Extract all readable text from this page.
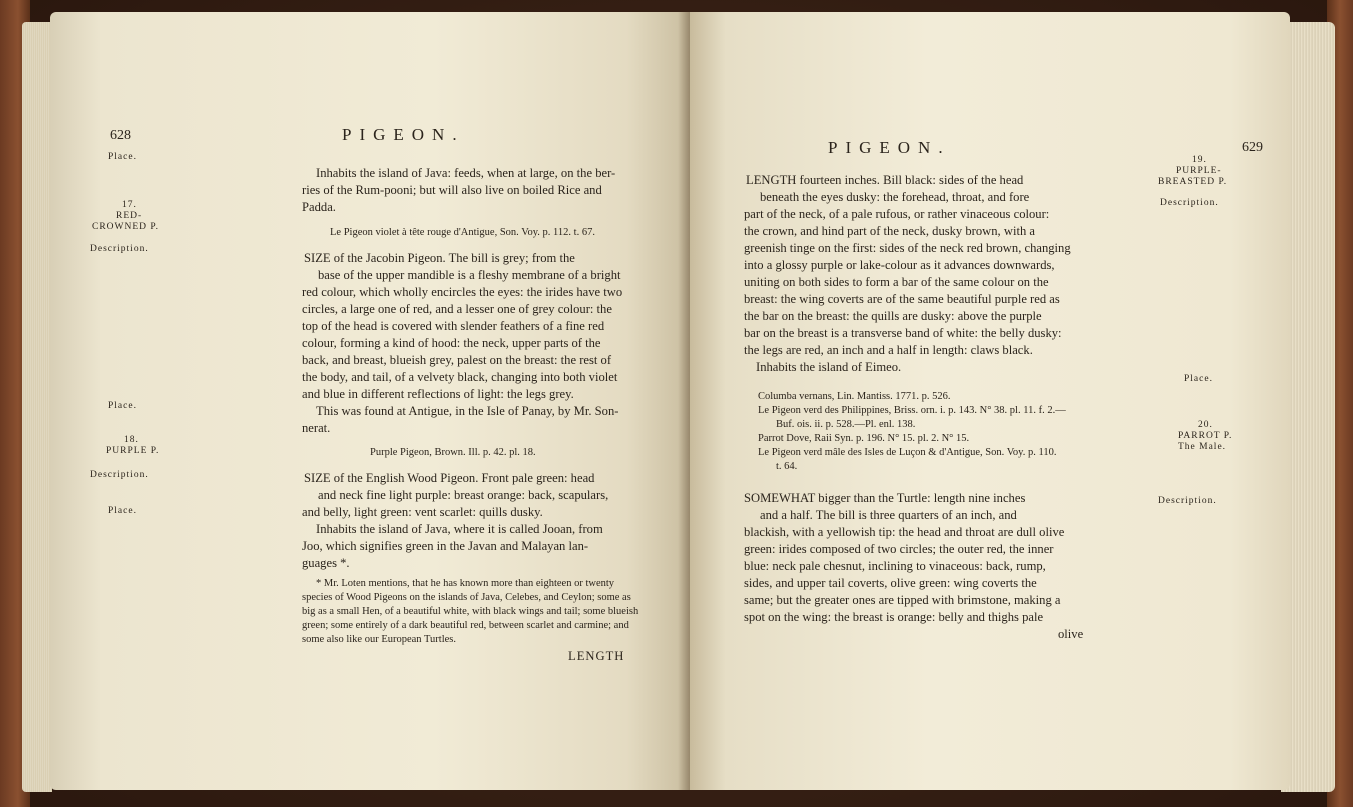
628	PIGEON.
Place.
17.
RED-
CROWNED P.
Description.
Place.
18.
PURPLE P.
Description.
Place.
Inhabits the island of Java: feeds, when at large, on the ber-
ries of the Rum-pooni; but will also live on boiled Rice and
Padda.
Le Pigeon violet à tête rouge d'Antigue, Son. Voy. p. 112. t. 67.
SIZE of the Jacobin Pigeon. The bill is grey; from the
base of the upper mandible is a fleshy membrane of a bright
red colour, which wholly encircles the eyes: the irides have two
circles, a large one of red, and a lesser one of grey colour: the
top of the head is covered with slender feathers of a fine red
colour, forming a kind of hood: the neck, upper parts of the
back, and breast, blueish grey, palest on the breast: the rest of
the body, and tail, of a velvety black, changing into both violet
and blue in different reflections of light: the legs grey.
This was found at Antigue, in the Isle of Panay, by Mr. Son-
nerat.
Purple Pigeon, Brown. Ill. p. 42. pl. 18.
SIZE of the English Wood Pigeon. Front pale green: head
and neck fine light purple: breast orange: back, scapulars,
and belly, light green: vent scarlet: quills dusky.
Inhabits the island of Java, where it is called Jooan, from
Joo, which signifies green in the Javan and Malayan lan-
guages *.
* Mr. Loten mentions, that he has known more than eighteen or twenty
species of Wood Pigeons on the islands of Java, Celebes, and Ceylon; some as
big as a small Hen, of a beautiful white, with black wings and tail; some blueish
green; some entirely of a dark beautiful red, between scarlet and carmine; and
some also like our European Turtles.
LENGTH
PIGEON.	629
19.
PURPLE-
BREASTED P.
Description.
Place.
20.
PARROT P.
The Male.
Description.
LENGTH fourteen inches. Bill black: sides of the head
beneath the eyes dusky: the forehead, throat, and fore
part of the neck, of a pale rufous, or rather vinaceous colour:
the crown, and hind part of the neck, dusky brown, with a
greenish tinge on the first: sides of the neck red brown, changing
into a glossy purple or lake-colour as it advances downwards,
uniting on both sides to form a bar of the same colour on the
breast: the wing coverts are of the same beautiful purple red as
the bar on the breast: the quills are dusky: above the purple
bar on the breast is a transverse band of white: the belly dusky:
the legs are red, an inch and a half in length: claws black.
Inhabits the island of Eimeo.
Columba vernans, Lin. Mantiss. 1771. p. 526.
Le Pigeon verd des Philippines, Briss. orn. i. p. 143. N° 38. pl. 11. f. 2.—
Buf. ois. ii. p. 528.—Pl. enl. 138.
Parrot Dove, Raii Syn. p. 196. N° 15. pl. 2. N° 15.
Le Pigeon verd mâle des Isles de Luçon & d'Antigue, Son. Voy. p. 110.
t. 64.
SOMEWHAT bigger than the Turtle: length nine inches
and a half. The bill is three quarters of an inch, and
blackish, with a yellowish tip: the head and throat are dull olive
green: irides composed of two circles; the outer red, the inner
blue: neck pale chesnut, inclining to vinaceous: back, rump,
sides, and upper tail coverts, olive green: wing coverts the
same; but the greater ones are tipped with brimstone, making a
spot on the wing: the breast is orange: belly and thighs pale
olive
